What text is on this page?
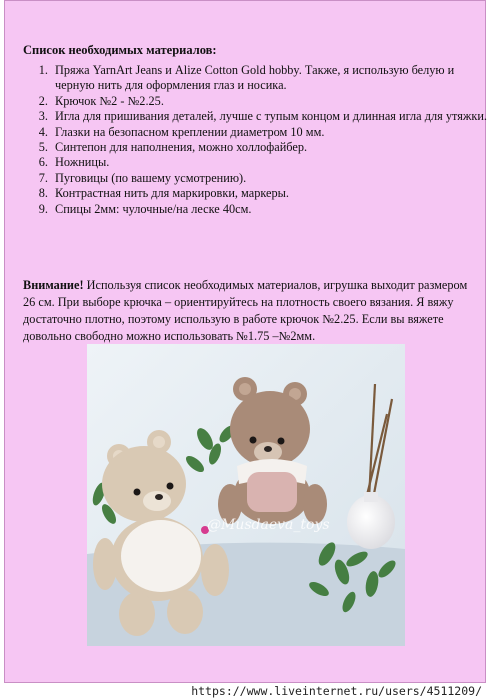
Список необходимых материалов:
1. Пряжа YarnArt Jeans и Alize Cotton Gold hobby. Также, я использую белую и черную нить для оформления глаз и носика.
2. Крючок №2 - №2.25.
3. Игла для пришивания деталей, лучше с тупым концом и длинная игла для утяжки.
4. Глазки на безопасном креплении диаметром 10 мм.
5. Синтепон для наполнения, можно холлофайбер.
6. Ножницы.
7. Пуговицы (по вашему усмотрению).
8. Контрастная нить для маркировки, маркеры.
9. Спицы 2мм: чулочные/на леске 40см.

Внимание! Используя список необходимых материалов, игрушка выходит размером 26 см. При выборе крючка – ориентируйтесь на плотность своего вязания. Я вяжу достаточно плотно, поэтому использую в работе крючок №2.25. Если вы вяжете довольно свободно можно использовать №1.75 –№2мм.

@Musdaeva_toys
https://www.liveinternet.ru/users/4511209/
